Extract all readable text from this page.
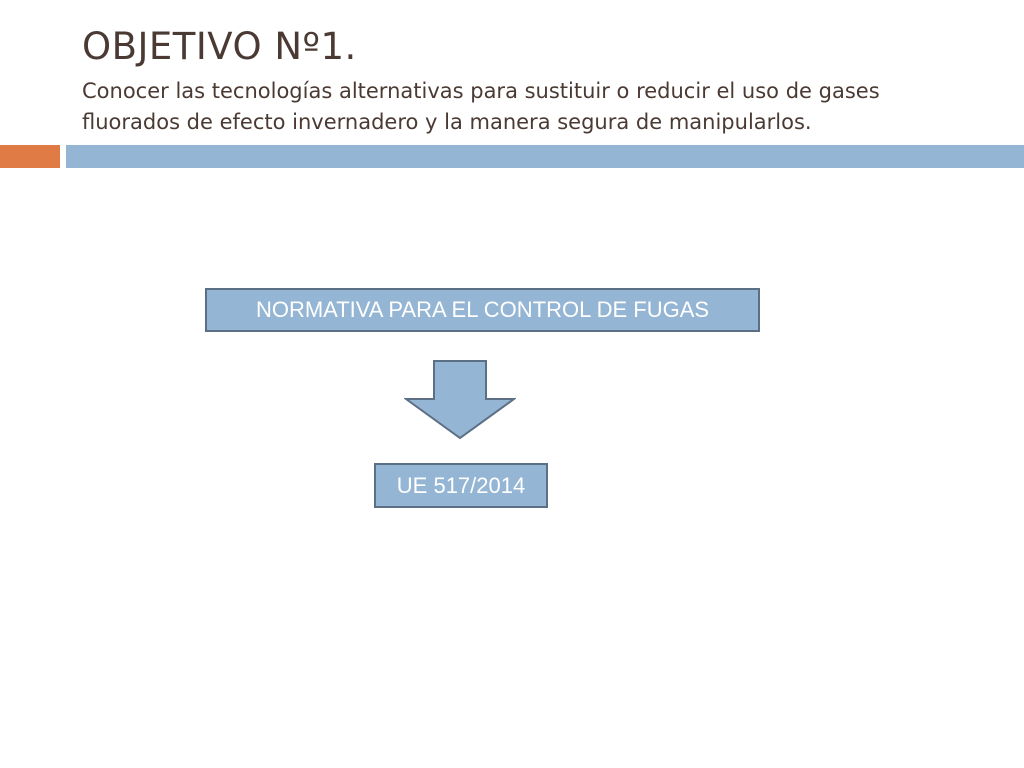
OBJETIVO Nº1.

Conocer las tecnologías alternativas para sustituir o reducir el uso de gases
fluorados de efecto invernadero y la manera segura de manipularlos.

NORMATIVA PARA EL CONTROL DE FUGAS
UE 517/2014
